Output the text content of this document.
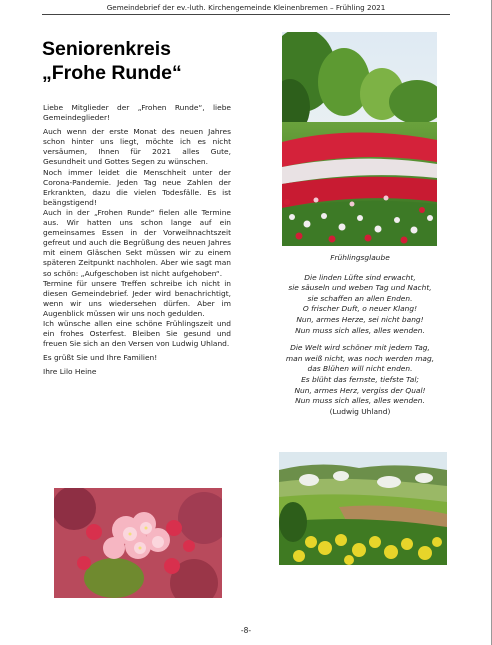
Gemeindebrief der ev.-luth. Kirchengemeinde Kleinenbremen – Frühling 2021
Seniorenkreis
„Frohe Runde“

Liebe Mitglieder der „Frohen Runde“, liebe Gemeindeglieder!

Auch wenn der erste Monat des neuen Jahres schon hinter uns liegt, möchte ich es nicht versäumen, Ihnen für 2021 alles Gute, Gesundheit und Gottes Segen zu wünschen.

Noch immer leidet die Menschheit unter der Corona-Pandemie. Jeden Tag neue Zahlen der Erkrankten, dazu die vielen Todesfälle. Es ist beängstigend!

Auch in der „Frohen Runde“ fielen alle Termine aus. Wir hatten uns schon lange auf ein gemeinsames Essen in der Vorweihnachtszeit gefreut und auch die Begrüßung des neuen Jahres mit einem Gläschen Sekt müssen wir zu einem späteren Zeitpunkt nachholen. Aber wie sagt man so schön: „Aufgeschoben ist nicht aufgehoben“.

Termine für unsere Treffen schreibe ich nicht in diesen Gemeindebrief. Jeder wird benachrichtigt, wenn wir uns wiedersehen dürfen. Aber im Augenblick müssen wir uns noch gedulden.

Ich wünsche allen eine schöne Frühlingszeit und ein frohes Osterfest. Bleiben Sie gesund und freuen Sie sich an den Versen von Ludwig Uhland.

Es grüßt Sie und Ihre Familien!

Ihre Lilo Heine

Frühlingsglaube
Die linden Lüfte sind erwacht,
sie säuseln und weben Tag und Nacht,
sie schaffen an allen Enden.
O frischer Duft, o neuer Klang!
Nun, armes Herze, sei nicht bang!
Nun muss sich alles, alles wenden.
Die Welt wird schöner mit jedem Tag,
man weiß nicht, was noch werden mag,
das Blühen will nicht enden.
Es blüht das fernste, tiefste Tal;
Nun, armes Herz, vergiss der Qual!
Nun muss sich alles, alles wenden.
(Ludwig Uhland)
-8-
